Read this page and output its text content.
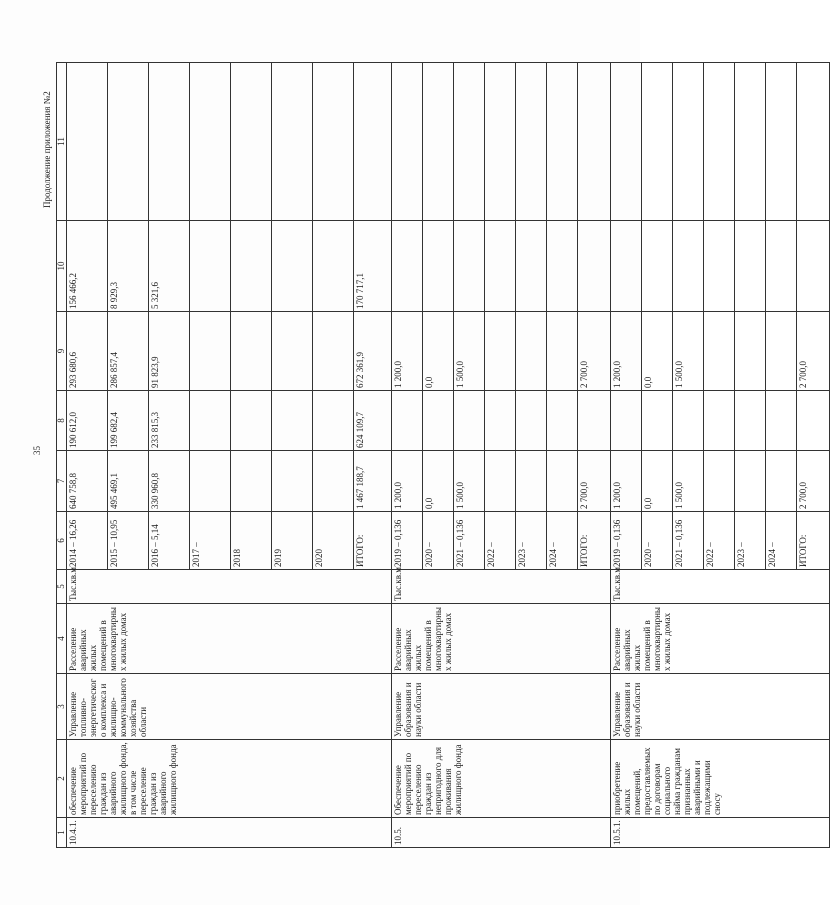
35
Продолжение приложения №2
1	2	3	4	5	6	7	8	9	10	11
10.4.1.	обеспечение мероприятий по переселению граждан из аварийного жилищного фонда, в том числе переселение граждан из аварийного жилищного фонда	Управление топливно-энергетического комплекса и жилищно-коммунального хозяйства области	Расселение аварийных жилых помещений в многоквартирных жилых домах	Тыс.кв.м	2014 – 16,26	640 758,8	190 612,0	293 680,6	156 466,2	
					2015 – 10,95	495 469,1	199 682,4	286 857,4	8 929,3	
					2016 – 5,14	330 960,8	233 815,3	91 823,9	5 321,6	
					2017 –					
					2018					
					2019					
					2020					
					ИТОГО:	1 467 188,7	624 109,7	672 361,9	170 717,1	
10.5.	Обеспечение мероприятий по переселению граждан из непригодного для проживания жилищного фонда	Управление образования и науки области	Расселение аварийных жилых помещений в многоквартирных жилых домах	Тыс.кв.м	2019 – 0,136	1 200,0		1 200,0		
					2020 –	0,0		0,0		
					2021 – 0,136	1 500,0		1 500,0		
					2022 –					
					2023 –					
					2024 –					
					ИТОГО:	2 700,0		2 700,0		
10.5.1.	приобретение жилых помещений, предоставляемых по договорам социального найма гражданам признанных аварийными и подлежащими сносу	Управление образования и науки области	Расселение аварийных жилых помещений в многоквартирных жилых домах	Тыс.кв.м	2019 – 0,136	1 200,0		1 200,0		
					2020 –	0,0		0,0		
					2021 – 0,136	1 500,0		1 500,0		
					2022 –					
					2023 –					
					2024 –					
					ИТОГО:	2 700,0		2 700,0		
